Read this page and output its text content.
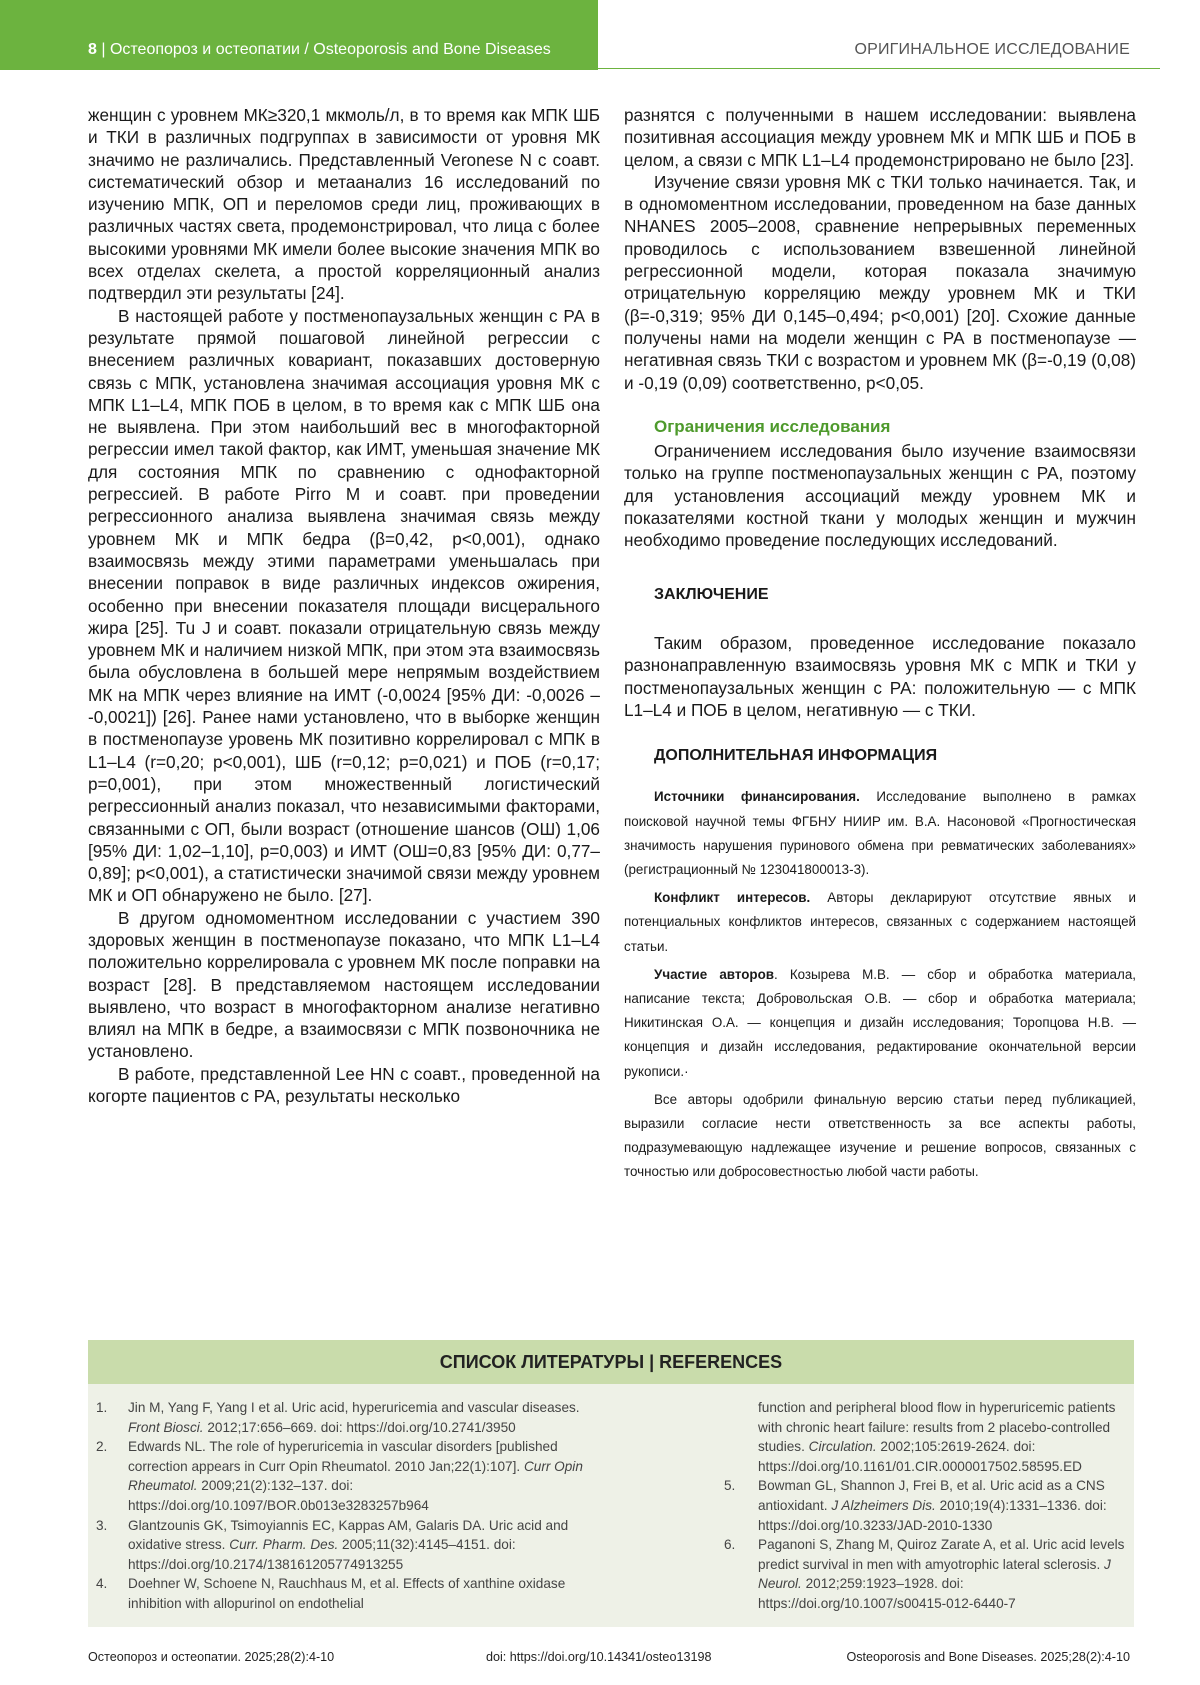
8 | Остеопороз и остеопатии / Osteoporosis and Bone Diseases	ОРИГИНАЛЬНОЕ ИССЛЕДОВАНИЕ

женщин с уровнем МК≥320,1 мкмоль/л, в то время как МПК ШБ и ТКИ в различных подгруппах в зависимости от уровня МК значимо не различались. Представленный Veronese N с соавт. систематический обзор и метаанализ 16 исследований по изучению МПК, ОП и переломов среди лиц, проживающих в различных частях света, продемонстрировал, что лица с более высокими уровнями МК имели более высокие значения МПК во всех отделах скелета, а простой корреляционный анализ подтвердил эти результаты [24].

В настоящей работе у постменопаузальных женщин с РА в результате прямой пошаговой линейной регрессии с внесением различных ковариант, показавших достоверную связь с МПК, установлена значимая ассоциация уровня МК с МПК L1–L4, МПК ПОБ в целом, в то время как с МПК ШБ она не выявлена. При этом наибольший вес в многофакторной регрессии имел такой фактор, как ИМТ, уменьшая значение МК для состояния МПК по сравнению с однофакторной регрессией. В работе Pirro M и соавт. при проведении регрессионного анализа выявлена значимая связь между уровнем МК и МПК бедра (β=0,42, p<0,001), однако взаимосвязь между этими параметрами уменьшалась при внесении поправок в виде различных индексов ожирения, особенно при внесении показателя площади висцерального жира [25]. Tu J и соавт. показали отрицательную связь между уровнем МК и наличием низкой МПК, при этом эта взаимосвязь была обусловлена в большей мере непрямым воздействием МК на МПК через влияние на ИМТ (-0,0024 [95% ДИ: -0,0026 – -0,0021]) [26]. Ранее нами установлено, что в выборке женщин в постменопаузе уровень МК позитивно коррелировал с МПК в L1–L4 (r=0,20; p<0,001), ШБ (r=0,12; p=0,021) и ПОБ (r=0,17; p=0,001), при этом множественный логистический регрессионный анализ показал, что независимыми факторами, связанными с ОП, были возраст (отношение шансов (ОШ) 1,06 [95% ДИ: 1,02–1,10], p=0,003) и ИМТ (ОШ=0,83 [95% ДИ: 0,77–0,89]; p<0,001), а статистически значимой связи между уровнем МК и ОП обнаружено не было. [27].

В другом одномоментном исследовании с участием 390 здоровых женщин в постменопаузе показано, что МПК L1–L4 положительно коррелировала с уровнем МК после поправки на возраст [28]. В представляемом настоящем исследовании выявлено, что возраст в многофакторном анализе негативно влиял на МПК в бедре, а взаимосвязи с МПК позвоночника не установлено.

В работе, представленной Lee HN с соавт., проведенной на когорте пациентов с РА, результаты несколько

разнятся с полученными в нашем исследовании: выявлена позитивная ассоциация между уровнем МК и МПК ШБ и ПОБ в целом, а связи с МПК L1–L4 продемонстрировано не было [23].

Изучение связи уровня МК с ТКИ только начинается. Так, и в одномоментном исследовании, проведенном на базе данных NHANES 2005–2008, сравнение непрерывных переменных проводилось с использованием взвешенной линейной регрессионной модели, которая показала значимую отрицательную корреляцию между уровнем МК и ТКИ (β=-0,319; 95% ДИ 0,145–0,494; p<0,001) [20]. Схожие данные получены нами на модели женщин с РА в постменопаузе — негативная связь ТКИ с возрастом и уровнем МК (β=-0,19 (0,08) и -0,19 (0,09) соответственно, p<0,05.

Ограничения исследования

Ограничением исследования было изучение взаимосвязи только на группе постменопаузальных женщин с РА, поэтому для установления ассоциаций между уровнем МК и показателями костной ткани у молодых женщин и мужчин необходимо проведение последующих исследований.

ЗАКЛЮЧЕНИЕ

Таким образом, проведенное исследование показало разнонаправленную взаимосвязь уровня МК с МПК и ТКИ у постменопаузальных женщин с РА: положительную — с МПК L1–L4 и ПОБ в целом, негативную — с ТКИ.

ДОПОЛНИТЕЛЬНАЯ ИНФОРМАЦИЯ

Источники финансирования. Исследование выполнено в рамках поисковой научной темы ФГБНУ НИИР им. В.А. Насоновой «Прогностическая значимость нарушения пуринового обмена при ревматических заболеваниях» (регистрационный № 123041800013-3).

Конфликт интересов. Авторы декларируют отсутствие явных и потенциальных конфликтов интересов, связанных с содержанием настоящей статьи.

Участие авторов. Козырева М.В. — сбор и обработка материала, написание текста; Добровольская О.В. — сбор и обработка материала; Никитинская О.А. — концепция и дизайн исследования; Торопцова Н.В. — концепция и дизайн исследования, редактирование окончательной версии рукописи.·

Все авторы одобрили финальную версию статьи перед публикацией, выразили согласие нести ответственность за все аспекты работы, подразумевающую надлежащее изучение и решение вопросов, связанных с точностью или добросовестностью любой части работы.

СПИСОК ЛИТЕРАТУРЫ | REFERENCES
1. Jin M, Yang F, Yang I et al. Uric acid, hyperuricemia and vascular diseases. Front Biosci. 2012;17:656–669. doi: https://doi.org/10.2741/3950
2. Edwards NL. The role of hyperuricemia in vascular disorders [published correction appears in Curr Opin Rheumatol. 2010 Jan;22(1):107]. Curr Opin Rheumatol. 2009;21(2):132–137. doi: https://doi.org/10.1097/BOR.0b013e3283257b964
3. Glantzounis GK, Tsimoyiannis EC, Kappas AM, Galaris DA. Uric acid and oxidative stress. Curr. Pharm. Des. 2005;11(32):4145–4151. doi: https://doi.org/10.2174/138161205774913255
4. Doehner W, Schoene N, Rauchhaus M, et al. Effects of xanthine oxidase inhibition with allopurinol on endothelial
function and peripheral blood flow in hyperuricemic patients with chronic heart failure: results from 2 placebo-controlled studies. Circulation. 2002;105:2619-2624. doi: https://doi.org/10.1161/01.CIR.0000017502.58595.ED
5. Bowman GL, Shannon J, Frei B, et al. Uric acid as a CNS antioxidant. J Alzheimers Dis. 2010;19(4):1331–1336. doi: https://doi.org/10.3233/JAD-2010-1330
6. Paganoni S, Zhang M, Quiroz Zarate A, et al. Uric acid levels predict survival in men with amyotrophic lateral sclerosis. J Neurol. 2012;259:1923–1928. doi: https://doi.org/10.1007/s00415-012-6440-7
Остеопороз и остеопатии. 2025;28(2):4-10	doi: https://doi.org/10.14341/osteo13198	Osteoporosis and Bone Diseases. 2025;28(2):4-10
